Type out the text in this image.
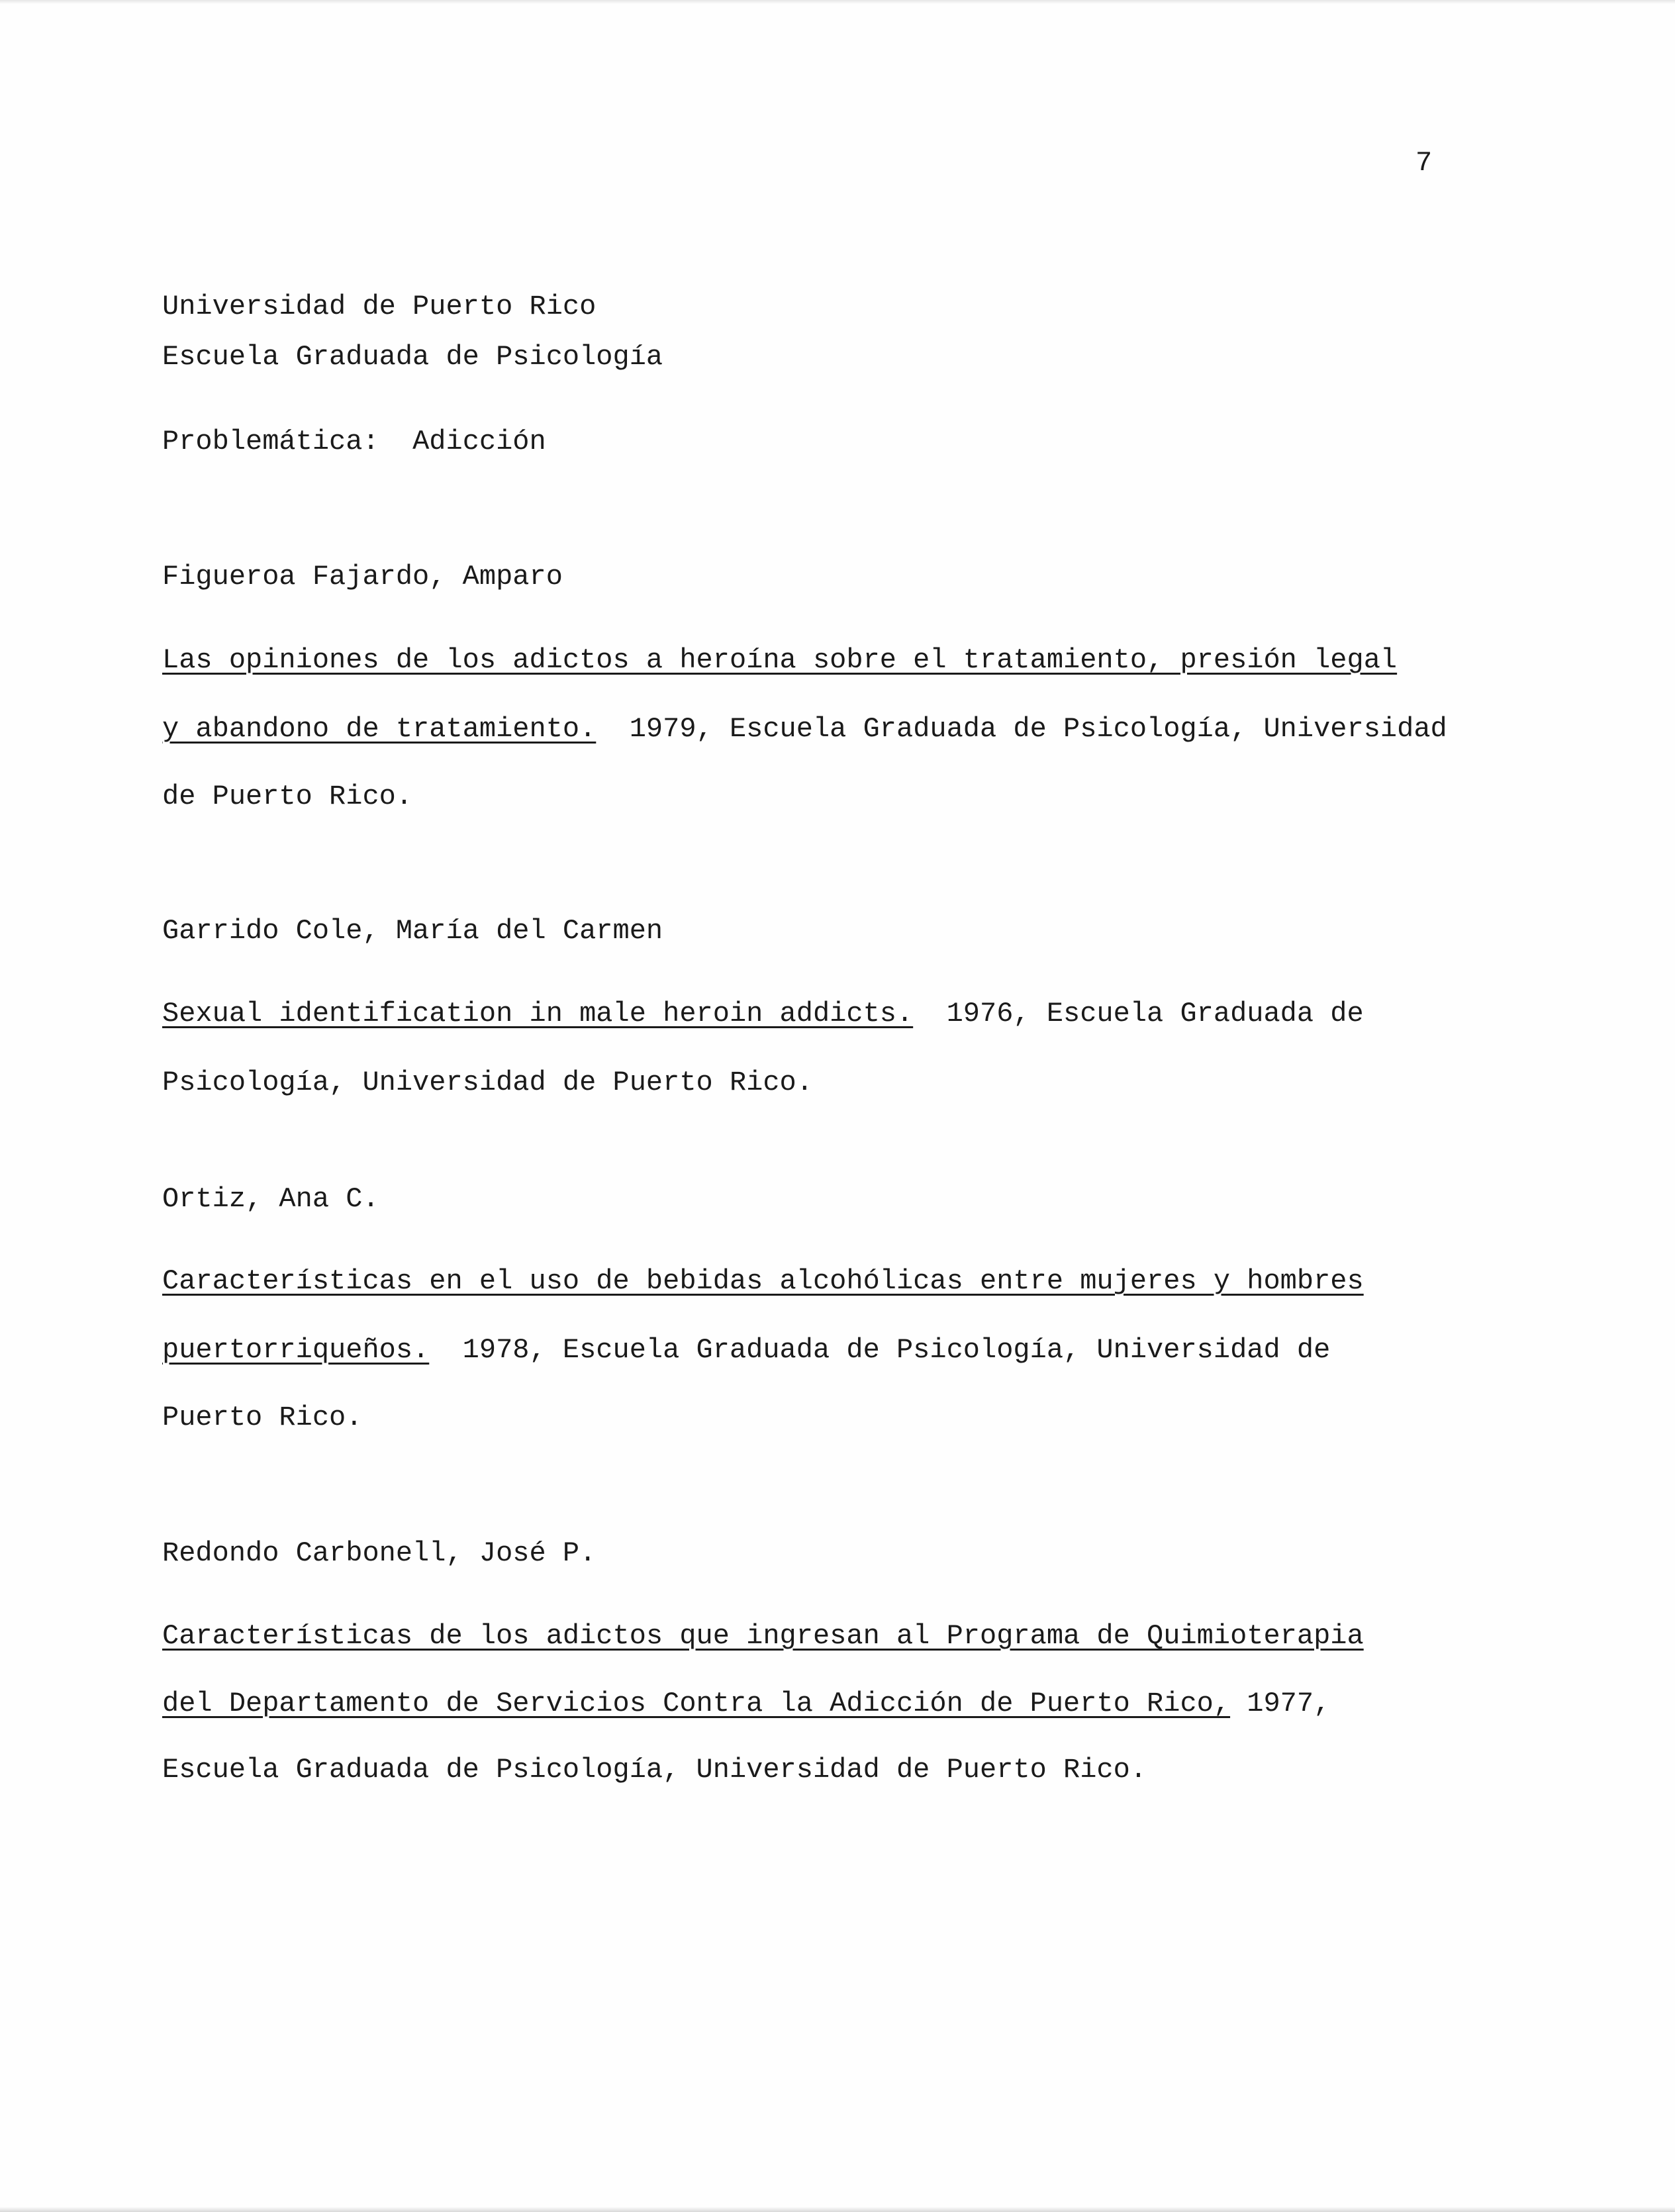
7
Universidad de Puerto Rico
Escuela Graduada de Psicología
Problemática: Adicción
Figueroa Fajardo, Amparo
Las opiniones de los adictos a heroína sobre el tratamiento, presión legal
y abandono de tratamiento.  1979, Escuela Graduada de Psicología, Universidad
de Puerto Rico.
Garrido Cole, María del Carmen
Sexual identification in male heroin addicts.  1976, Escuela Graduada de
Psicología, Universidad de Puerto Rico.
Ortiz, Ana C.
Características en el uso de bebidas alcohólicas entre mujeres y hombres
puertorriqueños.  1978, Escuela Graduada de Psicología, Universidad de
Puerto Rico.
Redondo Carbonell, José P.
Características de los adictos que ingresan al Programa de Quimioterapia
del Departamento de Servicios Contra la Adicción de Puerto Rico, 1977,
Escuela Graduada de Psicología, Universidad de Puerto Rico.
